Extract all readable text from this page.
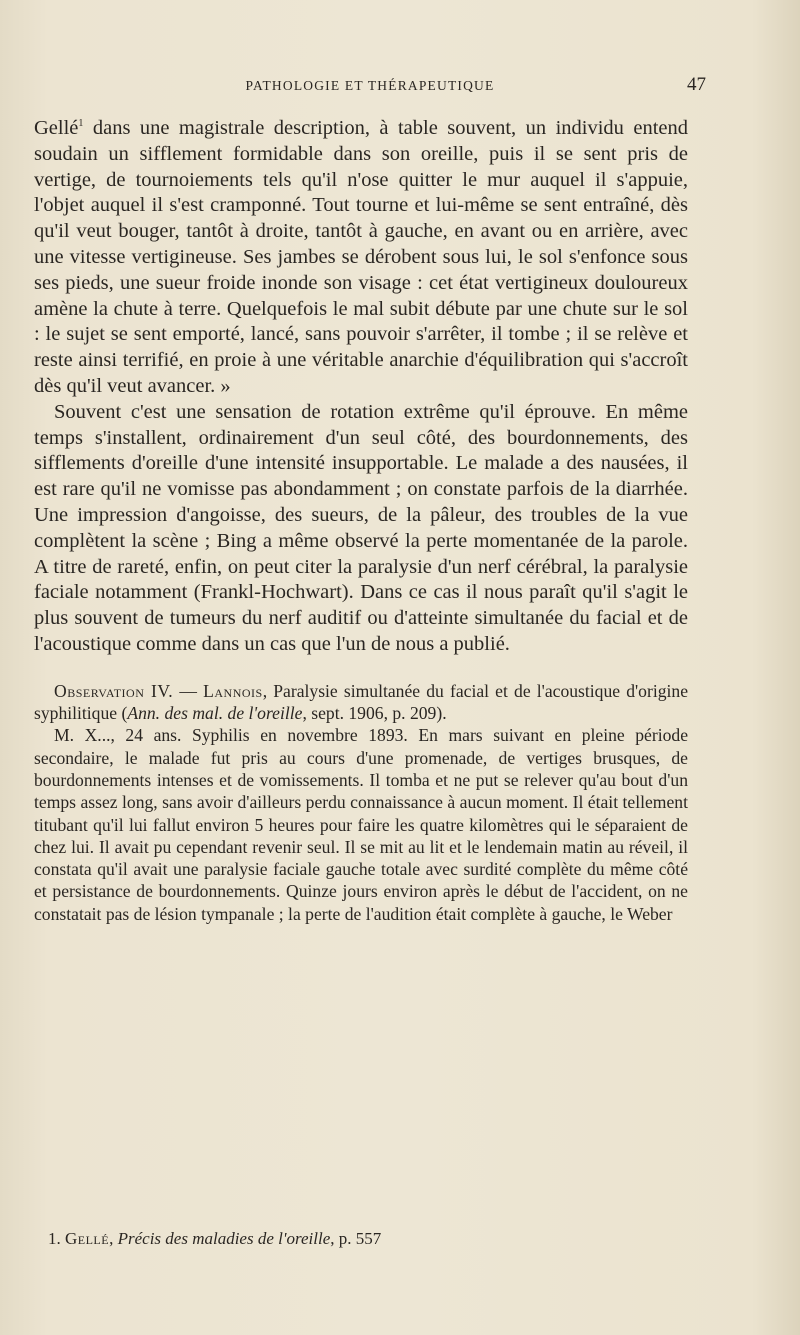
PATHOLOGIE ET THÉRAPEUTIQUE	47

Gellé$^1$ dans une magistrale description, à table souvent, un individu entend soudain un sifflement formidable dans son oreille, puis il se sent pris de vertige, de tournoiements tels qu'il n'ose quitter le mur auquel il s'appuie, l'objet auquel il s'est cramponné. Tout tourne et lui-même se sent entraîné, dès qu'il veut bouger, tantôt à droite, tantôt à gauche, en avant ou en arrière, avec une vitesse vertigineuse. Ses jambes se dérobent sous lui, le sol s'enfonce sous ses pieds, une sueur froide inonde son visage : cet état vertigineux douloureux amène la chute à terre. Quelquefois le mal subit débute par une chute sur le sol : le sujet se sent emporté, lancé, sans pouvoir s'arrêter, il tombe ; il se relève et reste ainsi terrifié, en proie à une véritable anarchie d'équilibration qui s'accroît dès qu'il veut avancer. »

Souvent c'est une sensation de rotation extrême qu'il éprouve. En même temps s'installent, ordinairement d'un seul côté, des bourdonnements, des sifflements d'oreille d'une intensité insupportable. Le malade a des nausées, il est rare qu'il ne vomisse pas abondamment ; on constate parfois de la diarrhée. Une impression d'angoisse, des sueurs, de la pâleur, des troubles de la vue complètent la scène ; Bing a même observé la perte momentanée de la parole. A titre de rareté, enfin, on peut citer la paralysie d'un nerf cérébral, la paralysie faciale notamment (Frankl-Hochwart). Dans ce cas il nous paraît qu'il s'agit le plus souvent de tumeurs du nerf auditif ou d'atteinte simultanée du facial et de l'acoustique comme dans un cas que l'un de nous a publié.

Observation IV. — Lannois, Paralysie simultanée du facial et de l'acoustique d'origine syphilitique (Ann. des mal. de l'oreille, sept. 1906, p. 209).

M. X..., 24 ans. Syphilis en novembre 1893. En mars suivant en pleine période secondaire, le malade fut pris au cours d'une promenade, de vertiges brusques, de bourdonnements intenses et de vomissements. Il tomba et ne put se relever qu'au bout d'un temps assez long, sans avoir d'ailleurs perdu connaissance à aucun moment. Il était tellement titubant qu'il lui fallut environ 5 heures pour faire les quatre kilomètres qui le séparaient de chez lui. Il avait pu cependant revenir seul. Il se mit au lit et le lendemain matin au réveil, il constata qu'il avait une paralysie faciale gauche totale avec surdité complète du même côté et persistance de bourdonnements. Quinze jours environ après le début de l'accident, on ne constatait pas de lésion tympanale ; la perte de l'audition était complète à gauche, le Weber

1. Gellé, Précis des maladies de l'oreille, p. 557
